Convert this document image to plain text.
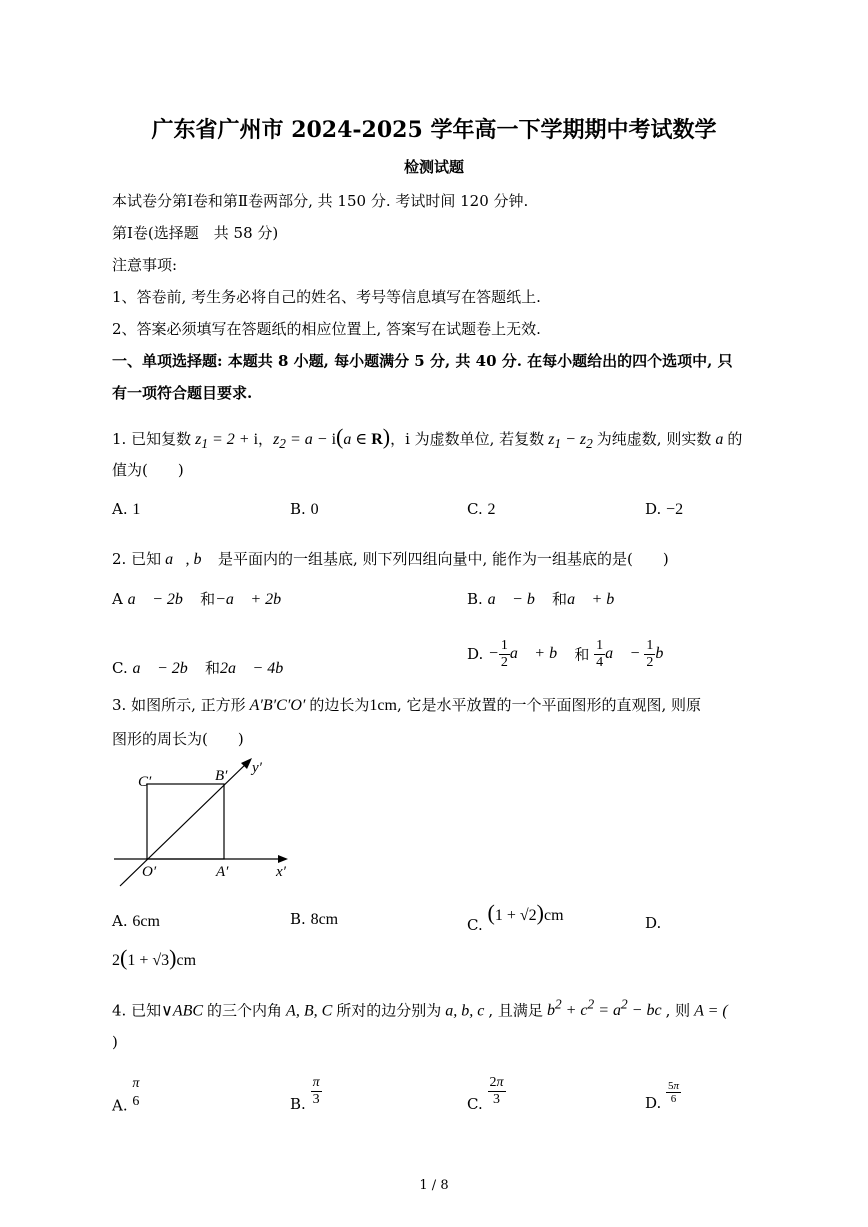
广东省广州市 2024-2025 学年高一下学期期中考试数学
检测试题
本试卷分第Ⅰ卷和第Ⅱ卷两部分, 共 150 分. 考试时间 120 分钟.
第Ⅰ卷(选择题　共 58 分)
注意事项:
1、答卷前, 考生务必将自己的姓名、考号等信息填写在答题纸上.
2、答案必须填写在答题纸的相应位置上, 答案写在试题卷上无效.
一、单项选择题: 本题共 8 小题, 每小题满分 5 分, 共 40 分. 在每小题给出的四个选项中, 只
有一项符合题目要求.
1. 已知复数 $z_1 = 2 + i$，$z_2 = a - i(a$ ∈ R)，i 为虚数单位, 若复数 $z_1 - z_2$ 为纯虚数, 则实数 a 的
值为(　　)
A. 1	B. 0	C. 2	D. −2
2. 已知 a⃗, b⃗ 是平面内的一组基底, 则下列四组向量中, 能作为一组基底的是(　　)
A a⃗ − 2b⃗ 和−a⃗ + 2b⃗	B. a⃗ − b⃗ 和a⃗ + b⃗
C. a⃗ − 2b⃗ 和2a⃗ − 4b⃗
D. − $\frac{1}{2}$ a⃗ + b⃗ 和 $\frac{1}{4}$ a⃗ − $\frac{1}{2}$ b⃗
3. 如图所示, 正方形 A′B′C′O′ 的边长为1cm, 它是水平放置的一个平面图形的直观图, 则原
图形的周长为(　　)
C′	B′ y′
O′	A′	x′
A. 6cm	B. 8cm	C. (1 + √2)cm	D.
2(1 + √3)cm
4. 已知∨ABC 的三个内角 A, B, C 所对的边分别为 a, b, c , 且满足 $b^2 + c^2 = a^2$ − bc , 则 A = (
)
A.
π
6	B. $\frac{\pi}{3}$	C. $\frac{2\pi}{3}$	D. $\frac{5\pi}{6}$
1 / 8
